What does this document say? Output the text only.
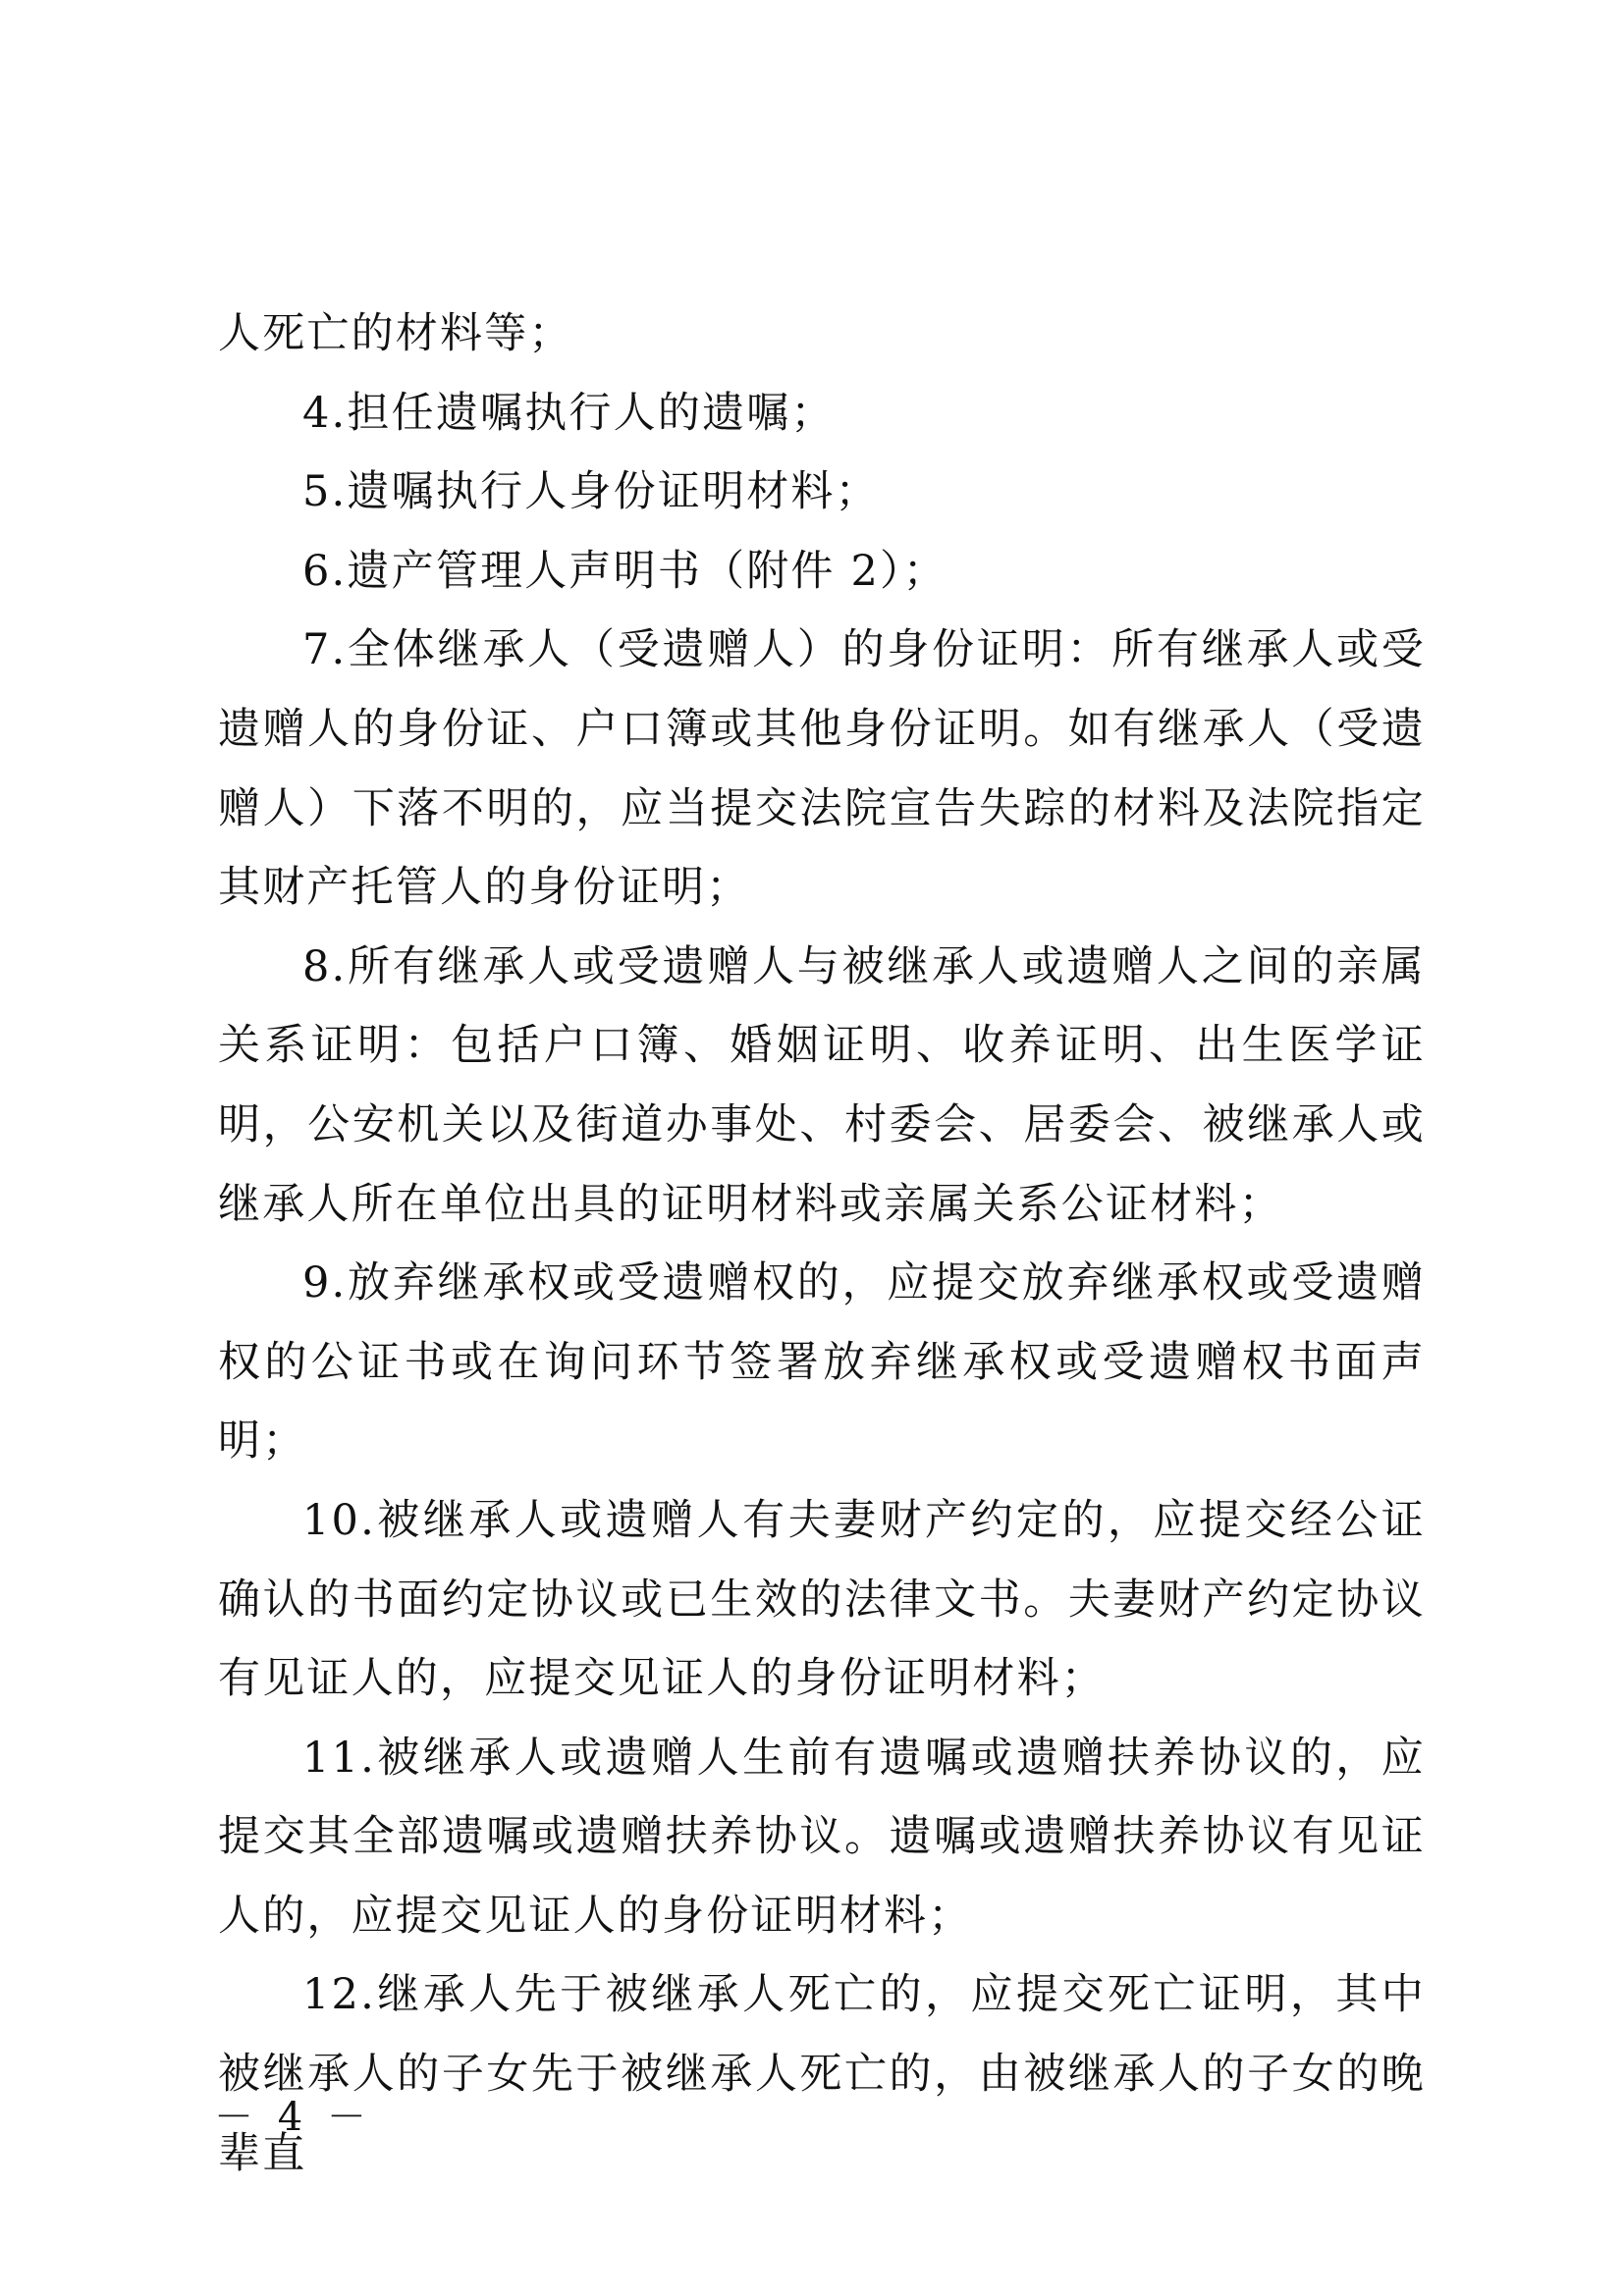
人死亡的材料等；

4.担任遗嘱执行人的遗嘱；

5.遗嘱执行人身份证明材料；

6.遗产管理人声明书（附件 2）；

7.全体继承人（受遗赠人）的身份证明：所有继承人或受遗赠人的身份证、户口簿或其他身份证明。如有继承人（受遗赠人）下落不明的，应当提交法院宣告失踪的材料及法院指定其财产托管人的身份证明；

8.所有继承人或受遗赠人与被继承人或遗赠人之间的亲属关系证明：包括户口簿、婚姻证明、收养证明、出生医学证明，公安机关以及街道办事处、村委会、居委会、被继承人或继承人所在单位出具的证明材料或亲属关系公证材料；

9.放弃继承权或受遗赠权的，应提交放弃继承权或受遗赠权的公证书或在询问环节签署放弃继承权或受遗赠权书面声明；

10.被继承人或遗赠人有夫妻财产约定的，应提交经公证确认的书面约定协议或已生效的法律文书。夫妻财产约定协议有见证人的，应提交见证人的身份证明材料；

11.被继承人或遗赠人生前有遗嘱或遗赠扶养协议的，应提交其全部遗嘱或遗赠扶养协议。遗嘱或遗赠扶养协议有见证人的，应提交见证人的身份证明材料；

12.继承人先于被继承人死亡的，应提交死亡证明，其中被继承人的子女先于被继承人死亡的，由被继承人的子女的晚辈直

－ 4 －
